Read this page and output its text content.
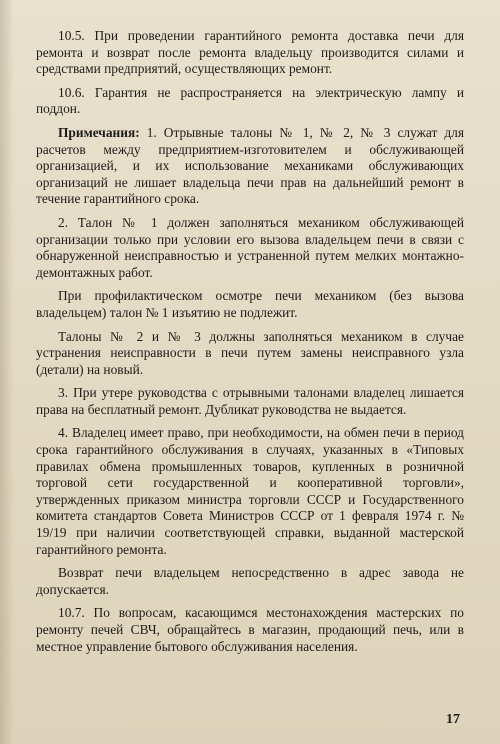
10.5. При проведении гарантийного ремонта доставка печи для ремонта и возврат после ремонта владельцу производится силами и средствами предприятий, осуществляющих ремонт.

10.6. Гарантия не распространяется на электрическую лампу и поддон.

Примечания: 1. Отрывные талоны № 1, № 2, № 3 служат для расчетов между предприятием-изготовителем и обслуживающей организацией, и их использование механиками обслуживающих организаций не лишает владельца печи прав на дальнейший ремонт в течение гарантийного срока.

2. Талон № 1 должен заполняться механиком обслуживающей организации только при условии его вызова владельцем печи в связи с обнаруженной неисправностью и устраненной путем мелких монтажно-демонтажных работ.

При профилактическом осмотре печи механиком (без вызова владельцем) талон № 1 изъятию не подлежит.

Талоны № 2 и № 3 должны заполняться механиком в случае устранения неисправности в печи путем замены неисправного узла (детали) на новый.

3. При утере руководства с отрывными талонами владелец лишается права на бесплатный ремонт. Дубликат руководства не выдается.

4. Владелец имеет право, при необходимости, на обмен печи в период срока гарантийного обслуживания в случаях, указанных в «Типовых правилах обмена промышленных товаров, купленных в розничной торговой сети государственной и кооперативной торговли», утвержденных приказом министра торговли СССР и Государственного комитета стандартов Совета Министров СССР от 1 февраля 1974 г. № 19/19 при наличии соответствующей справки, выданной мастерской гарантийного ремонта.

Возврат печи владельцем непосредственно в адрес завода не допускается.

10.7. По вопросам, касающимся местонахождения мастерских по ремонту печей СВЧ, обращайтесь в магазин, продающий печь, или в местное управление бытового обслуживания населения.

17
